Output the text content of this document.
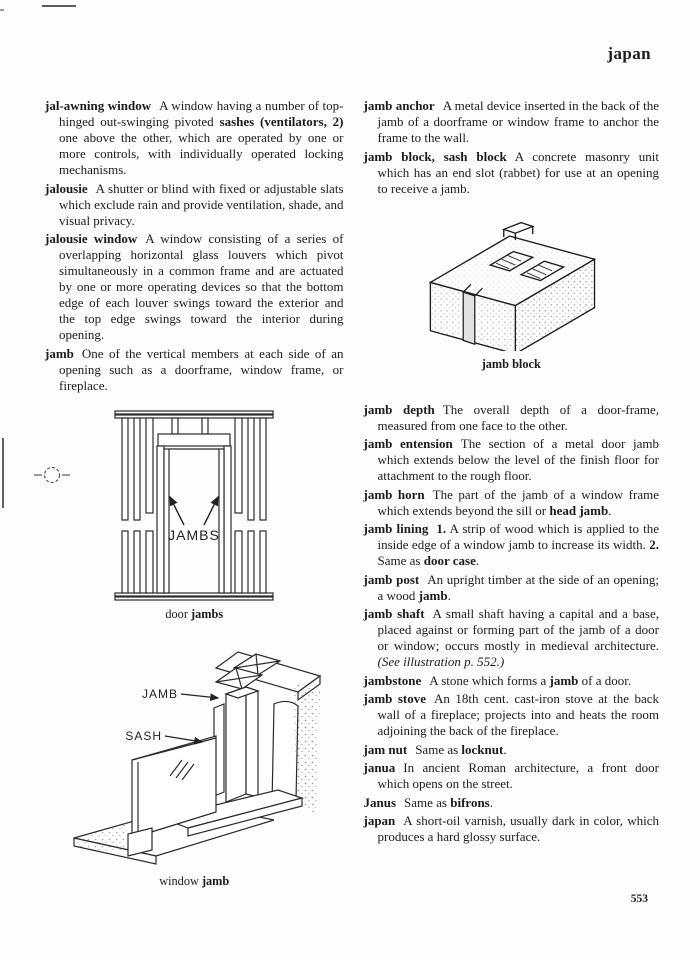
japan

jal-awning window A window having a number of top-hinged out-swinging pivoted sashes (ventilators, 2) one above the other, which are operated by one or more controls, with individually operated locking mechanisms.

jalousie A shutter or blind with fixed or adjustable slats which exclude rain and provide ventilation, shade, and visual privacy.

jalousie window A window consisting of a series of overlapping horizontal glass louvers which pivot simultaneously in a common frame and are actuated by one or more operating devices so that the bottom edge of each louver swings toward the exterior and the top edge swings toward the interior during opening.

jamb One of the vertical members at each side of an opening such as a doorframe, window frame, or fireplace.

JAMBS
door jambs
JAMB
SASH
window jamb

jamb anchor A metal device inserted in the back of the jamb of a doorframe or window frame to anchor the frame to the wall.

jamb block, sash block A concrete masonry unit which has an end slot (rabbet) for use at an opening to receive a jamb.

jamb block

jamb depth The overall depth of a door-frame, measured from one face to the other.

jamb entension The section of a metal door jamb which extends below the level of the finish floor for attachment to the rough floor.

jamb horn The part of the jamb of a window frame which extends beyond the sill or head jamb.

jamb lining 1. A strip of wood which is applied to the inside edge of a window jamb to increase its width. 2. Same as door case.

jamb post An upright timber at the side of an opening; a wood jamb.

jamb shaft A small shaft having a capital and a base, placed against or forming part of the jamb of a door or window; occurs mostly in medieval architecture. (See illustration p. 552.)

jambstone A stone which forms a jamb of a door.

jamb stove An 18th cent. cast-iron stove at the back wall of a fireplace; projects into and heats the room adjoining the back of the fireplace.

jam nut Same as locknut.

janua In ancient Roman architecture, a front door which opens on the street.

Janus Same as bifrons.

japan A short-oil varnish, usually dark in color, which produces a hard glossy surface.

553
